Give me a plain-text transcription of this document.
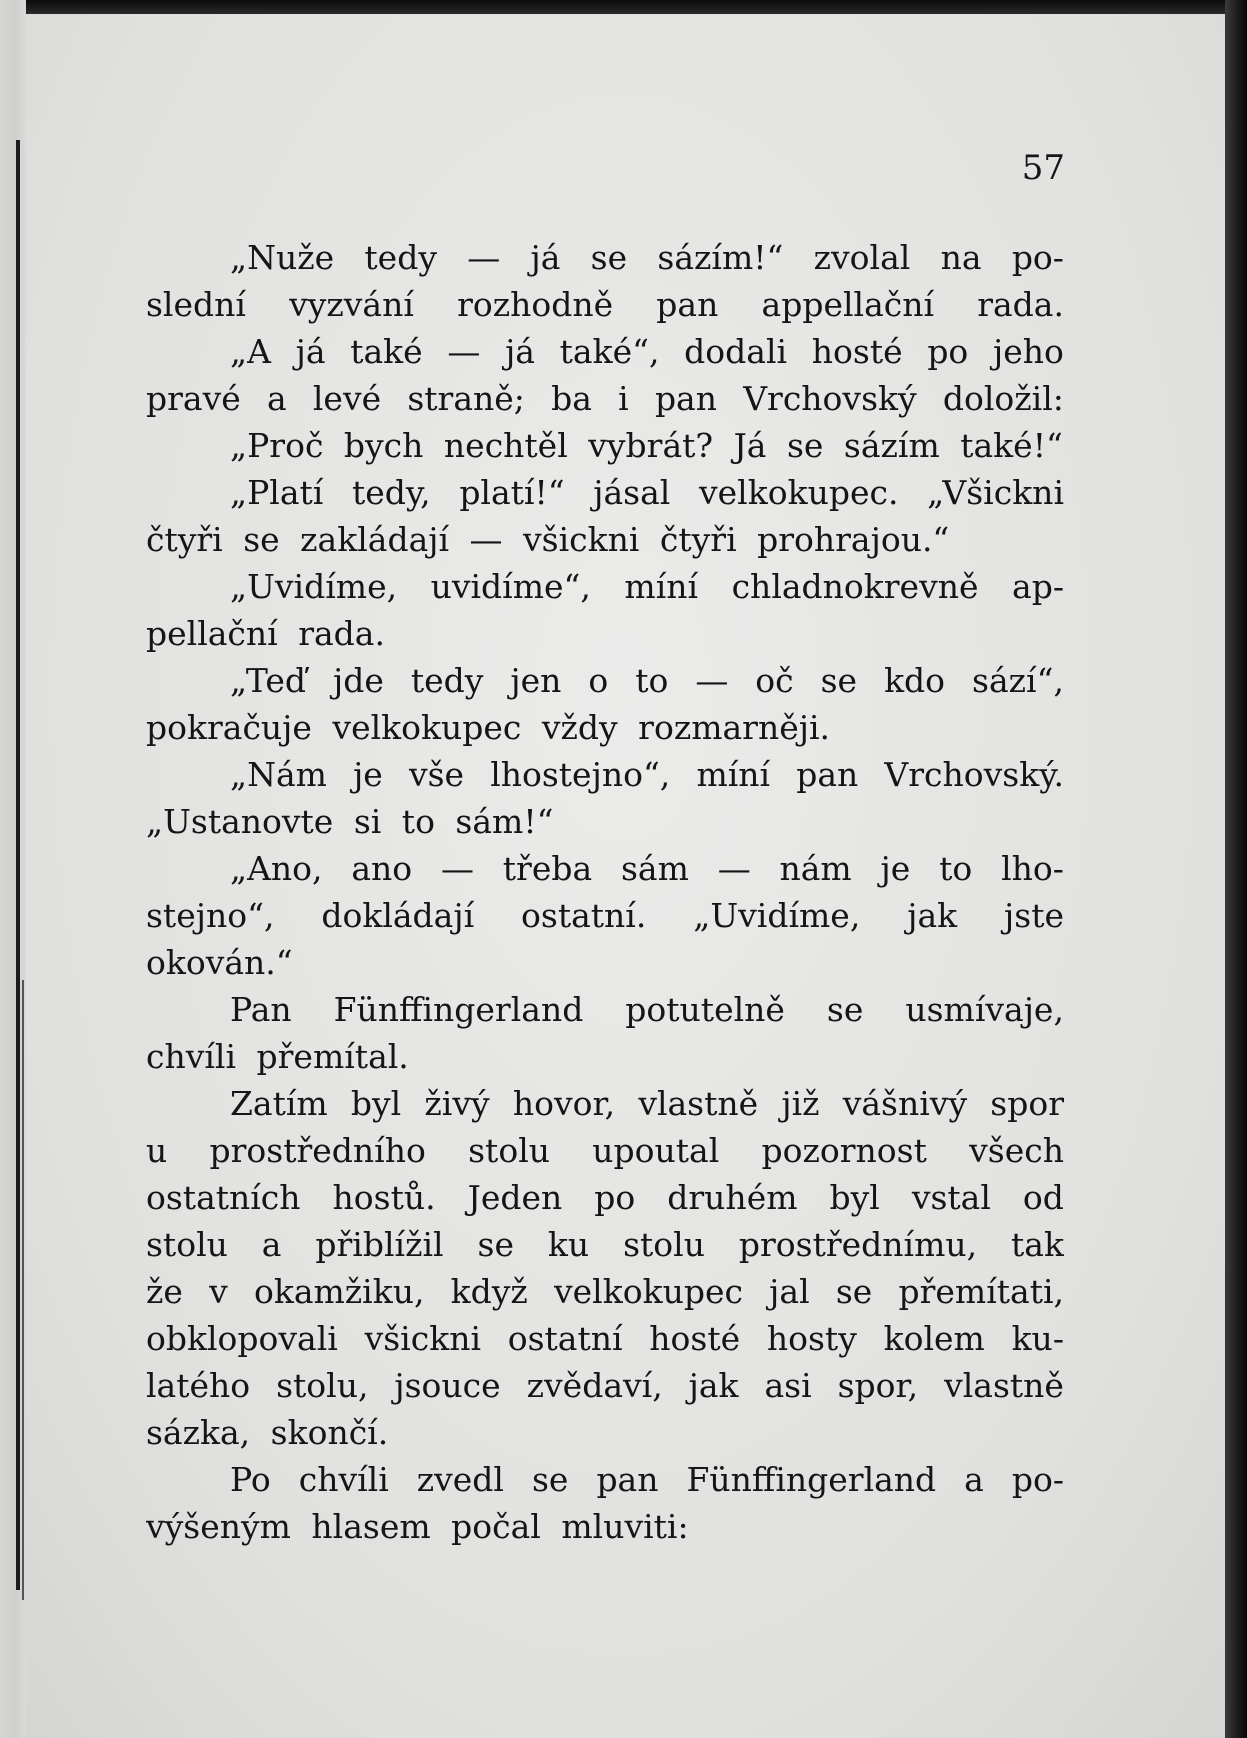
57
„Nuže tedy — já se sázím!“ zvolal na po-
slední vyzvání rozhodně pan appellační rada.
„A já také — já také“, dodali hosté po jeho
pravé a levé straně; ba i pan Vrchovský doložil:
„Proč bych nechtěl vybrát? Já se sázím také!“
„Platí tedy, platí!“ jásal velkokupec. „Všickni
čtyři se zakládají — všickni čtyři prohrajou.“
„Uvidíme, uvidíme“, míní chladnokrevně ap-
pellační rada.
„Teď jde tedy jen o to — oč se kdo sází“,
pokračuje velkokupec vždy rozmarněji.
„Nám je vše lhostejno“, míní pan Vrchovský.
„Ustanovte si to sám!“
„Ano, ano — třeba sám — nám je to lho-
stejno“, dokládají ostatní. „Uvidíme, jak jste
okován.“
Pan Fünffingerland potutelně se usmívaje,
chvíli přemítal.
Zatím byl živý hovor, vlastně již vášnivý spor
u prostředního stolu upoutal pozornost všech
ostatních hostů. Jeden po druhém byl vstal od
stolu a přiblížil se ku stolu prostřednímu, tak
že v okamžiku, když velkokupec jal se přemítati,
obklopovali všickni ostatní hosté hosty kolem ku-
latého stolu, jsouce zvědaví, jak asi spor, vlastně
sázka, skončí.
Po chvíli zvedl se pan Fünffingerland a po-
výšeným hlasem počal mluviti:
